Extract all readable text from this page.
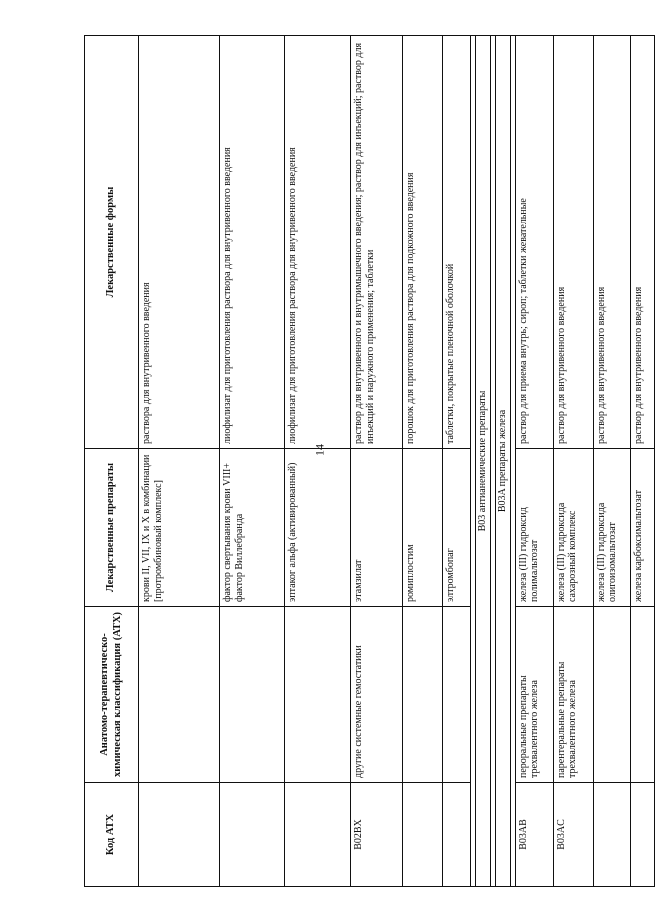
14
Код АТХ	Анатомо-терапевтическо-химическая классификация (АТХ)	Лекарственные препараты	Лекарственные формы
		крови II, VII, IX и X в комбинации [протромбиновый комплекс]	раствора для внутривенного введения
		фактор свертывания крови VIII+ фактор Виллебранда	лиофилизат для приготовления раствора для внутривенного введения
		эптаког альфа (активированный)	лиофилизат для приготовления раствора для внутривенного введения
B02BX	другие системные гемостатики	этамзилат	раствор для внутривенного и внутримышечного введения; раствор для инъекций; раствор для инъекций и наружного применения; таблетки
		ромиплостим	порошок для приготовления раствора для подкожного введения
		элтромбопаг	таблетки, покрытые пленочной оболочкой

B03 антианемические препараты			

B03A препараты железа			

B03AB	пероральные препараты трехвалентного железа	железа (III) гидроксид полимальтозат	раствор для приема внутрь; сироп; таблетки жевательные
B03AC	парентеральные препараты трехвалентного железа	железа (III) гидроксида сахарозный комплекс	раствор для внутривенного введения
		железа (III) гидроксида олигоизомальтозат	раствор для внутривенного введения
		железа карбоксимальтозат	раствор для внутривенного введения
